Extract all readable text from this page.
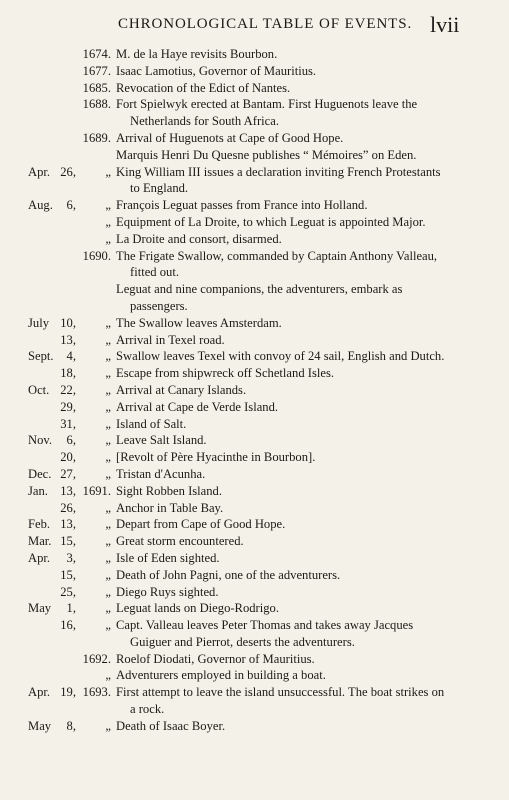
CHRONOLOGICAL TABLE OF EVENTS. lvii
1674. M. de la Haye revisits Bourbon.
1677. Isaac Lamotius, Governor of Mauritius.
1685. Revocation of the Edict of Nantes.
1688. Fort Spielwyk erected at Bantam. First Huguenots leave the Netherlands for South Africa.
1689. Arrival of Huguenots at Cape of Good Hope.
Marquis Henri Du Quesne publishes “ Mémoires” on Eden.
Apr. 26,	„ King William III issues a declaration inviting French Protestants to England.
Aug.	6,	„ François Leguat passes from France into Holland.
„ Equipment of La Droite, to which Leguat is appointed Major.
„ La Droite and consort, disarmed.
1690. The Frigate Swallow, commanded by Captain Anthony Valleau, fitted out.
Leguat and nine companions, the adventurers, embark as passengers.
July 10,	„ The Swallow leaves Amsterdam.
13,	„ Arrival in Texel road.
Sept.	4,	„ Swallow leaves Texel with convoy of 24 sail, English and Dutch.
18,	„ Escape from shipwreck off Schetland Isles.
Oct. 22,	„ Arrival at Canary Islands.
29,	„ Arrival at Cape de Verde Island.
31,	„ Island of Salt.
Nov.	6,	„ Leave Salt Island.
20,	„ [Revolt of Père Hyacinthe in Bourbon].
Dec. 27,	„ Tristan d'Acunha.
Jan. 13, 1691. Sight Robben Island.
26,	„ Anchor in Table Bay.
Feb. 13,	„ Depart from Cape of Good Hope.
Mar. 15,	„ Great storm encountered.
Apr.	3,	„ Isle of Eden sighted.
15,	„ Death of John Pagni, one of the adventurers.
25,	„ Diego Ruys sighted.
May	1,	„ Leguat lands on Diego-Rodrigo.
16,	„ Capt. Valleau leaves Peter Thomas and takes away Jacques Guiguer and Pierrot, deserts the adventurers.
1692. Roelof Diodati, Governor of Mauritius.
„ Adventurers employed in building a boat.
Apr. 19, 1693. First attempt to leave the island unsuccessful. The boat strikes on a rock.
May	8,	„ Death of Isaac Boyer.
